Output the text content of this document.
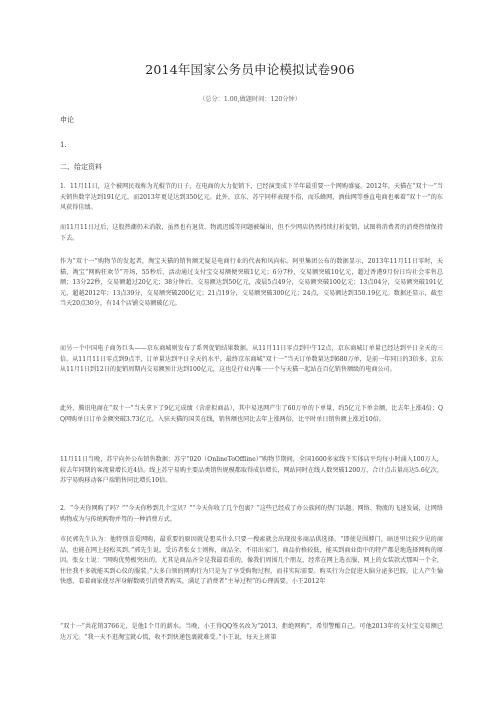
2014年国家公务员申论模拟试卷906
（总分：1.00,做题时间：120分钟）
申论
1.
二、给定资料
1．11月11日，这个被网民戏称为光棍节的日子，在电商的大力促销下，已经演变成下半年最重要一个网购盛宴。2012年，天猫在“双十一”当天销售数字达到191亿元，而2013年更是达到350亿元。此外，京东、苏宁同样表现不俗，而乐蜂网、酒仙网等垂直电商也乘着“双十一”的东风获得佳绩。
而11月11日过后，这股热潮仍未消散，虽然也有退货、物流迟缓等问题被爆出，但不少网店仍然持续打折促销，试图将消费者的消费热情保持下去。
作为“双十一”购物节的发起者，淘宝天猫的销售额无疑是电商行业的代表和风向标。阿里集团公布的数据显示，2013年11月11日零时，天猫、淘宝“网购狂欢节”开场，55秒后，活动通过支付宝交易额便突破1亿元；6分7秒，交易额突破10亿元，超过香港9月份日均社会零售总额；13分22秒，交易额超过20亿元；38分钟后，交易额达到50亿元，凌晨5点49分，交易额突破100亿元；13点04分，交易额突破191亿元，超越2012年；13点39分，交易额突破200亿元；21点19分，交易额突破300亿元；24点，交易额达到350.19亿元。数据还显示，截至当天20点30分，有14个店铺交易额破亿元。
而另一个中国电子商务巨头——京东商城则发布了系列促销结果数据。从11月11日零点到中午12点，京东商城订单量已经达到平日全天的三倍。从11月11日零点到9点半，订单量达到平日全天的水平。最终京东商城“双十一”当天订单数量达到680万单，是前一年同日的3倍多。京东从11月1日到12日的促销周期内交易额预计达到100亿元，这也是行业内唯一一个与天猫一起站在百亿销售额级的电商公司。
此外，腾讯电商在“双十一”当天拿下了9亿元成绩（含虚拟商品），其中易迅网产生了60万单的下单量，约5亿元下单金额，比去年上涨4倍；QQ网购单日订单金额突破3.73亿元。入驻天猫的国美在线，销售额也同比去年上涨两倍，比平时单日销售额上涨近10倍。
11月11日当晚，苏宁向外公布销售数据：苏宁“020（OnlineToOffline）”购物节期间，全国1600多家线下实体店平均每小时涌入100万人，较去年同期的客流量增长近4倍。线上苏宁易购主要品类销售规模都取得成倍增长，网站同时在线人数突破1200万，合计点击量高达5.6亿次，苏宁易购移动客户端销售同比增长10倍。
2．“今天你网购了吗？”“今天你秒到几个宝贝？”“今天你收了几个包裹？”这些已经成了办公族间的热门话题。网络、物流的飞速发展，让网络购物成为与传统购物并驾的一种消费方式。
市民郭先生认为：他特别喜爱网购，最重要的原因就是想买什么只要一搜索就会出现很多商品供选择。“即使是围脖门，暗送里比较少见的商品，也能在网上轻松买到。”郭先生说。受访者张女士则称，商品全、不用出家门，商品价格较低，能买到商业街中的特产都是地选择网购的原因。张女士说：“网购优势极突出的，尤其是商品齐全是我最看重的，像我们周围几个朋友，经常在网上选衣服，网上的女装款式那叫一个全，往往我不多就能买到心仪的服装。”大多白领的网购行为只是为了享受购物过程，而非实际需要。购买行为会促进大脑分泌多巴胺，让人产生愉快感，看着商家使尽浑身解数吸引消费者购买，满足了消费者“主导过程”的心理需要。小王2012年
“双十一”共花销3766元，是他1个月的薪水。当晚，小王得QQ签名改为“2013，拒绝网购”，希望警醒自己。可他2013年的支付宝交易额已达万元。“我一天不逛淘宝就心慌，收不到快递包裹就难受。”小王说，每天上班第
